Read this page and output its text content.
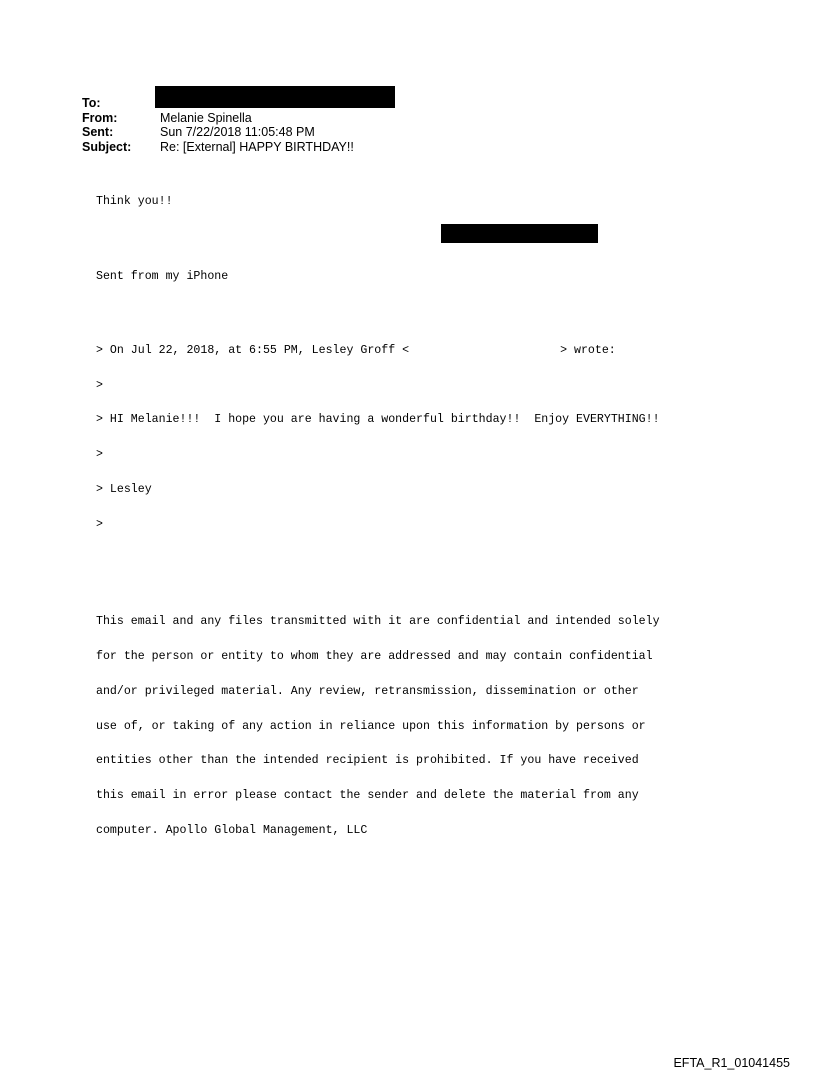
To:
From:	Melanie Spinella
Sent:	Sun 7/22/2018 11:05:48 PM
Subject: Re: [External] HAPPY BIRTHDAY!!

Think you!!

Sent from my iPhone

> On Jul 22, 2018, at 6:55 PM, Lesley Groff <	> wrote:

>

> HI Melanie!!!  I hope you are having a wonderful birthday!!  Enjoy EVERYTHING!!

>

> Lesley

>

This email and any files transmitted with it are confidential and intended solely

for the person or entity to whom they are addressed and may contain confidential

and/or privileged material. Any review, retransmission, dissemination or other

use of, or taking of any action in reliance upon this information by persons or

entities other than the intended recipient is prohibited. If you have received

this email in error please contact the sender and delete the material from any

computer. Apollo Global Management, LLC

EFTA_R1_01041455
